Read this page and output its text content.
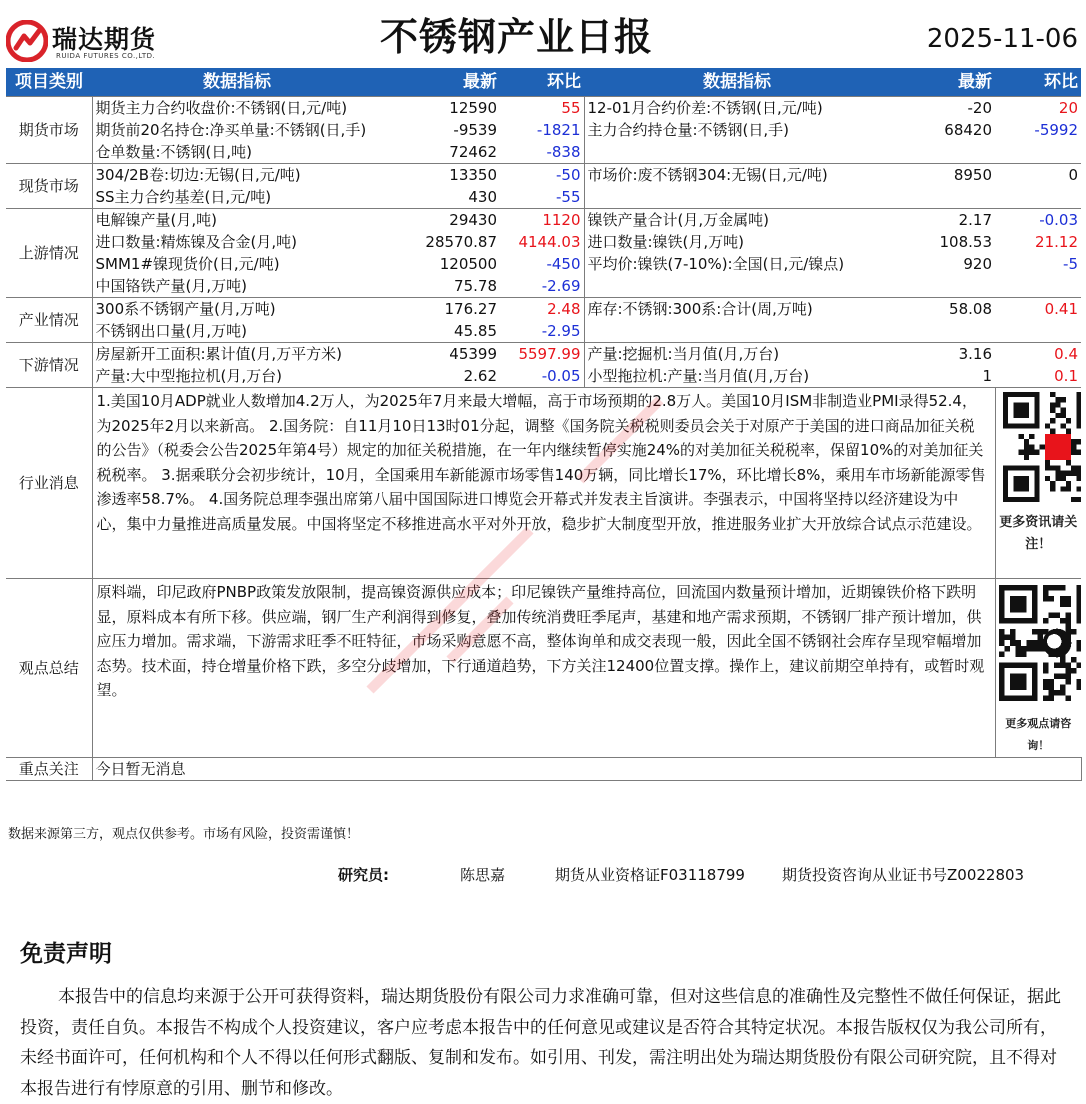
瑞达期货
RUIDA FUTURES CO.,LTD.	不锈钢产业日报	2025-11-06
项目类别	数据指标	最新	环比	数据指标	最新	环比
期货市场	期货主力合约收盘价:不锈钢(日,元/吨)	12590	55	12-01月合约价差:不锈钢(日,元/吨)	-20	20
	期货前20名持仓:净买单量:不锈钢(日,手)	-9539	-1821	主力合约持仓量:不锈钢(日,手)	68420	-5992
	仓单数量:不锈钢(日,吨)	72462	-838			
现货市场	304/2B卷:切边:无锡(日,元/吨)	13350	-50	市场价:废不锈钢304:无锡(日,元/吨)	8950	0
	SS主力合约基差(日,元/吨)	430	-55			
上游情况	电解镍产量(月,吨)	29430	1120	镍铁产量合计(月,万金属吨)	2.17	-0.03
	进口数量:精炼镍及合金(月,吨)	28570.87	4144.03	进口数量:镍铁(月,万吨)	108.53	21.12
	SMM1#镍现货价(日,元/吨)	120500	-450	平均价:镍铁(7-10%):全国(日,元/镍点)	920	-5
	中国铬铁产量(月,万吨)	75.78	-2.69			
产业情况	300系不锈钢产量(月,万吨)	176.27	2.48	库存:不锈钢:300系:合计(周,万吨)	58.08	0.41
	不锈钢出口量(月,万吨)	45.85	-2.95			
下游情况	房屋新开工面积:累计值(月,万平方米)	45399	5597.99	产量:挖掘机:当月值(月,万台)	3.16	0.4
	产量:大中型拖拉机(月,万台)	2.62	-0.05	小型拖拉机:产量:当月值(月,万台)	1	0.1
行业消息	1.美国10月ADP就业人数增加4.2万人，为2025年7月来最大增幅，高于市场预期的2.8万人。美国10月ISM非制造业PMI录得52.4，为2025年2月以来新高。 2.国务院：自11月10日13时01分起，调整《国务院关税税则委员会关于对原产于美国的进口商品加征关税的公告》（税委会公告2025年第4号）规定的加征关税措施，在一年内继续暂停实施24%的对美加征关税税率，保留10%的对美加征关税税率。 3.据乘联分会初步统计，10月，全国乘用车新能源市场零售140万辆，同比增长17%，环比增长8%，乘用车市场新能源零售渗透率58.7%。 4.国务院总理李强出席第八届中国国际进口博览会开幕式并发表主旨演讲。李强表示，中国将坚持以经济建设为中心，集中力量推进高质量发展。中国将坚定不移推进高水平对外开放，稳步扩大制度型开放，推进服务业扩大开放综合试点示范建设。					更多资讯请关注！

观点总结	原料端，印尼政府PNBP政策发放限制，提高镍资源供应成本；印尼镍铁产量维持高位，回流国内数量预计增加，近期镍铁价格下跌明显，原料成本有所下移。供应端，钢厂生产利润得到修复，叠加传统消费旺季尾声，基建和地产需求预期，不锈钢厂排产预计增加，供应压力增加。需求端，下游需求旺季不旺特征，市场采购意愿不高，整体询单和成交表现一般，因此全国不锈钢社会库存呈现窄幅增加态势。技术面，持仓增量价格下跌，多空分歧增加，下行通道趋势，下方关注12400位置支撑。操作上，建议前期空单持有，或暂时观望。					更多观点请咨询！

重点关注	今日暂无消息					
数据来源第三方，观点仅供参考。市场有风险，投资需谨慎！
研究员:	陈思嘉	期货从业资格证F03118799 期货投资咨询从业证书号Z0022803
免责声明
本报告中的信息均来源于公开可获得资料，瑞达期货股份有限公司力求准确可靠，但对这些信息的准确性及完整性不做任何保证，据此投资，责任自负。本报告不构成个人投资建议，客户应考虑本报告中的任何意见或建议是否符合其特定状况。本报告版权仅为我公司所有，未经书面许可，任何机构和个人不得以任何形式翻版、复制和发布。如引用、刊发，需注明出处为瑞达期货股份有限公司研究院，且不得对本报告进行有悖原意的引用、删节和修改。
